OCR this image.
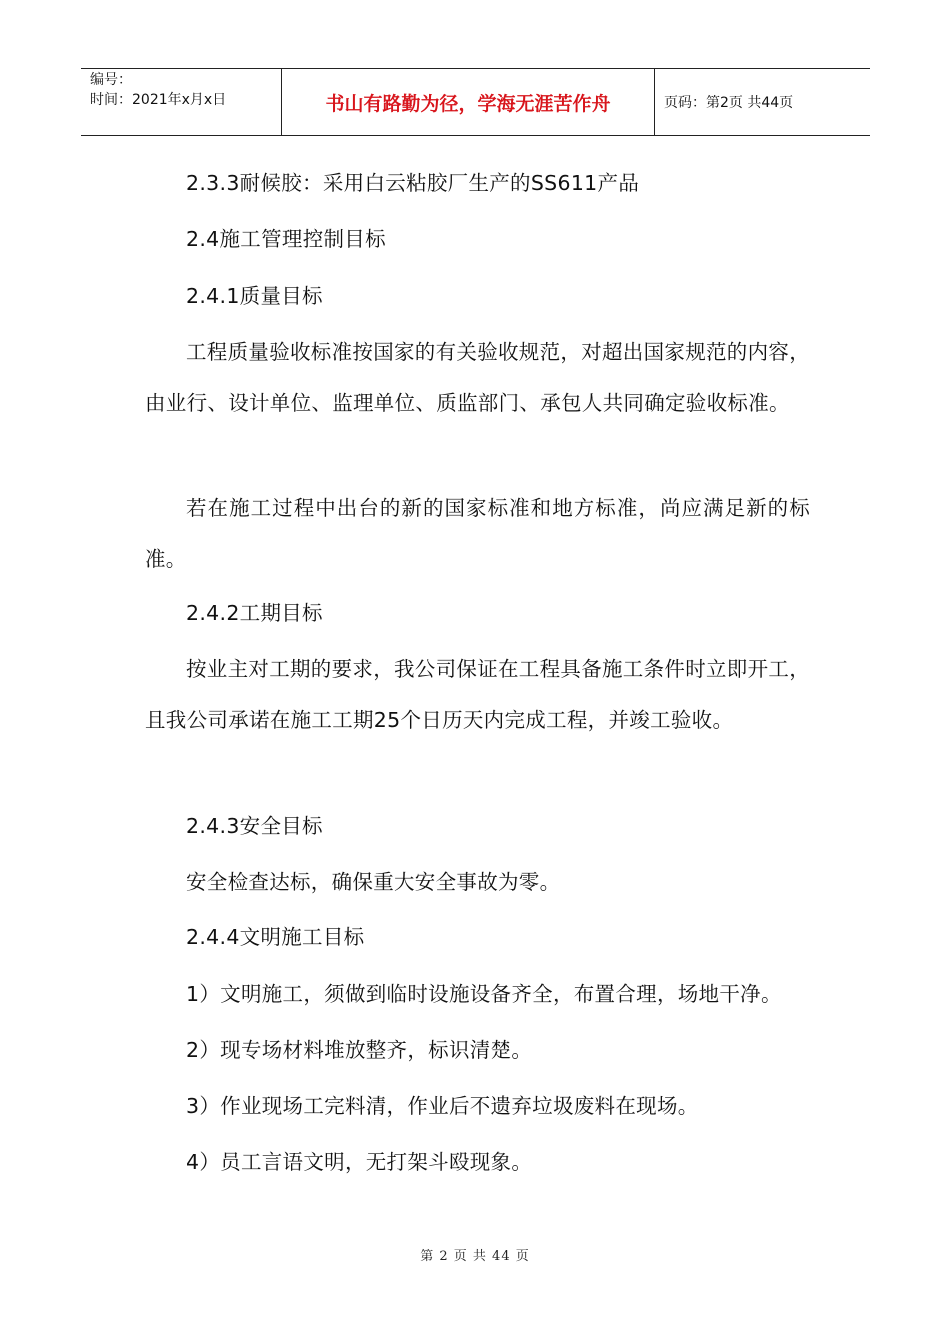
编号：
时间：2021年x月x日	书山有路勤为径，学海无涯苦作舟	页码：第2页 共44页
2.3.3耐候胶：采用白云粘胶厂生产的SS611产品
2.4施工管理控制目标
2.4.1质量目标
工程质量验收标准按国家的有关验收规范，对超出国家规范的内容，由业行、设计单位、监理单位、质监部门、承包人共同确定验收标准。
若在施工过程中出台的新的国家标准和地方标准，尚应满足新的标准。
2.4.2工期目标
按业主对工期的要求，我公司保证在工程具备施工条件时立即开工，且我公司承诺在施工工期25个日历天内完成工程，并竣工验收。
2.4.3安全目标
安全检查达标，确保重大安全事故为零。
2.4.4文明施工目标
1）文明施工，须做到临时设施设备齐全，布置合理，场地干净。
2）现专场材料堆放整齐，标识清楚。
3）作业现场工完料清，作业后不遗弃垃圾废料在现场。
4）员工言语文明，无打架斗殴现象。
第 2 页 共 44 页
